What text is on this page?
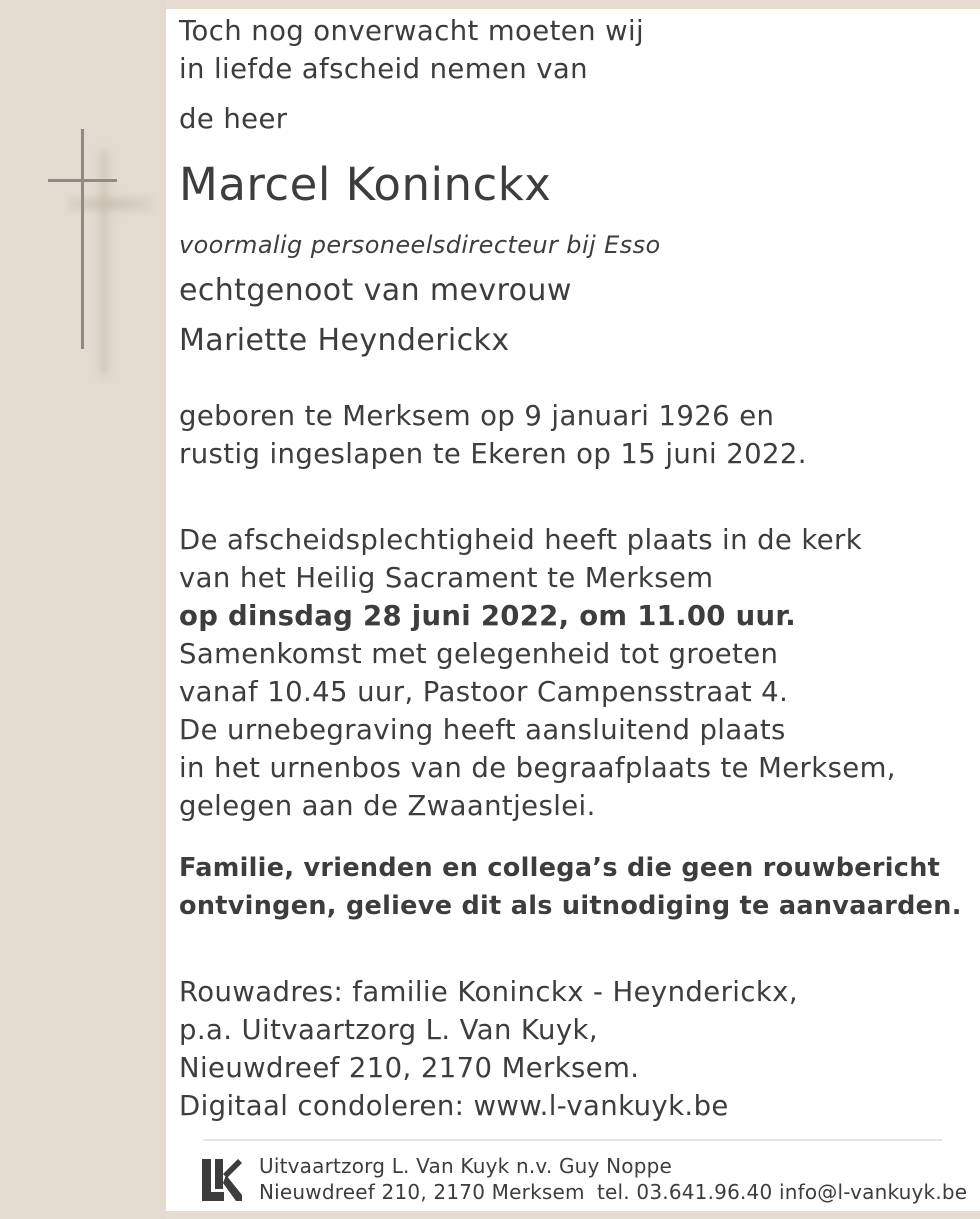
Toch nog onverwacht moeten wij

in liefde afscheid nemen van

de heer

Marcel Koninckx

voormalig personeelsdirecteur bij Esso

echtgenoot van mevrouw

Mariette Heynderickx

geboren te Merksem op 9 januari 1926 en

rustig ingeslapen te Ekeren op 15 juni 2022.

De afscheidsplechtigheid heeft plaats in de kerk

van het Heilig Sacrament te Merksem

op dinsdag 28 juni 2022, om 11.00 uur.

Samenkomst met gelegenheid tot groeten

vanaf 10.45 uur, Pastoor Campensstraat 4.

De urnebegraving heeft aansluitend plaats

in het urnenbos van de begraafplaats te Merksem,

gelegen aan de Zwaantjeslei.

Familie, vrienden en collega’s die geen rouwbericht

ontvingen, gelieve dit als uitnodiging te aanvaarden.

Rouwadres: familie Koninckx - Heynderickx,

p.a. Uitvaartzorg L. Van Kuyk,

Nieuwdreef 210, 2170 Merksem.

Digitaal condoleren: www.l-vankuyk.be

Uitvaartzorg L. Van Kuyk n.v. Guy Noppe

Nieuwdreef 210, 2170 Merksem tel. 03.641.96.40 info@l-vankuyk.be
